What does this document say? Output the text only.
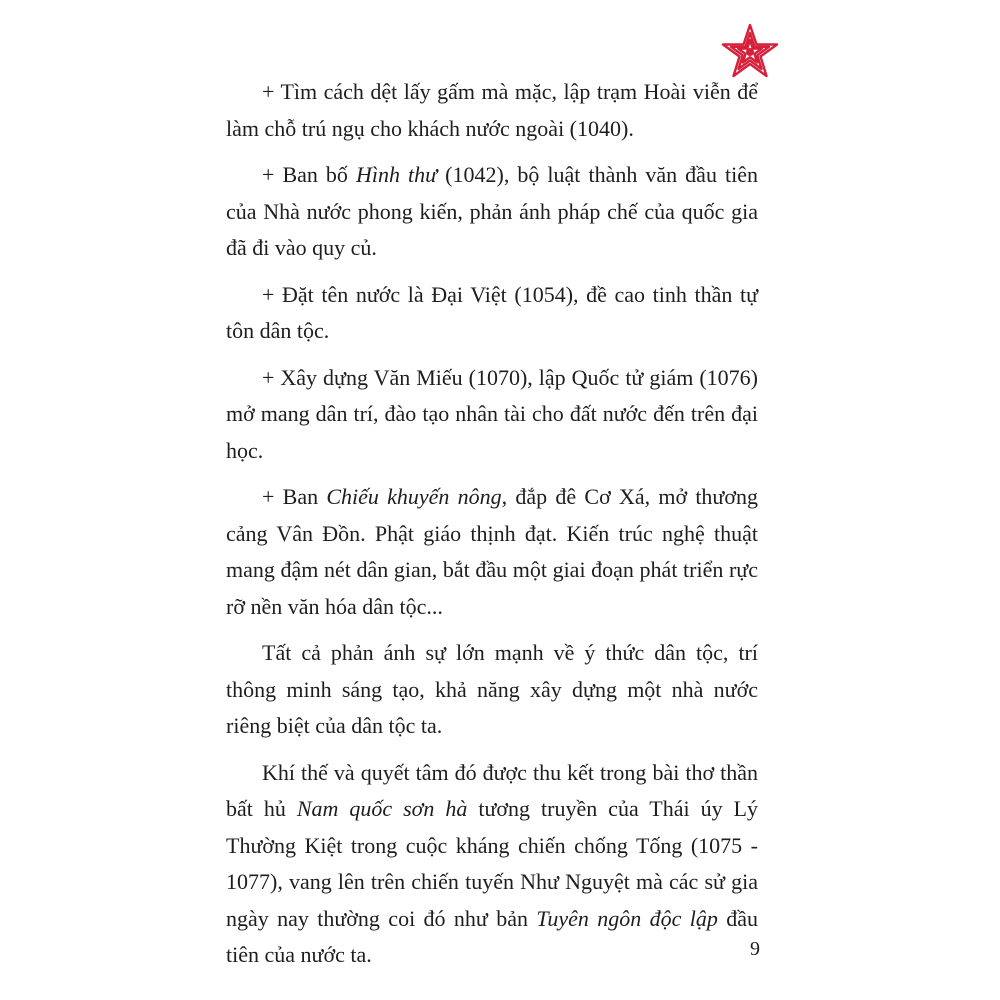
+ Tìm cách dệt lấy gấm mà mặc, lập trạm Hoài viễn để làm chỗ trú ngụ cho khách nước ngoài (1040).

+ Ban bố Hình thư (1042), bộ luật thành văn đầu tiên của Nhà nước phong kiến, phản ánh pháp chế của quốc gia đã đi vào quy củ.

+ Đặt tên nước là Đại Việt (1054), đề cao tinh thần tự tôn dân tộc.

+ Xây dựng Văn Miếu (1070), lập Quốc tử giám (1076) mở mang dân trí, đào tạo nhân tài cho đất nước đến trên đại học.

+ Ban Chiếu khuyến nông, đắp đê Cơ Xá, mở thương cảng Vân Đồn. Phật giáo thịnh đạt. Kiến trúc nghệ thuật mang đậm nét dân gian, bắt đầu một giai đoạn phát triển rực rỡ nền văn hóa dân tộc...

Tất cả phản ánh sự lớn mạnh về ý thức dân tộc, trí thông minh sáng tạo, khả năng xây dựng một nhà nước riêng biệt của dân tộc ta.

Khí thế và quyết tâm đó được thu kết trong bài thơ thần bất hủ Nam quốc sơn hà tương truyền của Thái úy Lý Thường Kiệt trong cuộc kháng chiến chống Tống (1075 - 1077), vang lên trên chiến tuyến Như Nguyệt mà các sử gia ngày nay thường coi đó như bản Tuyên ngôn độc lập đầu tiên của nước ta.	9
